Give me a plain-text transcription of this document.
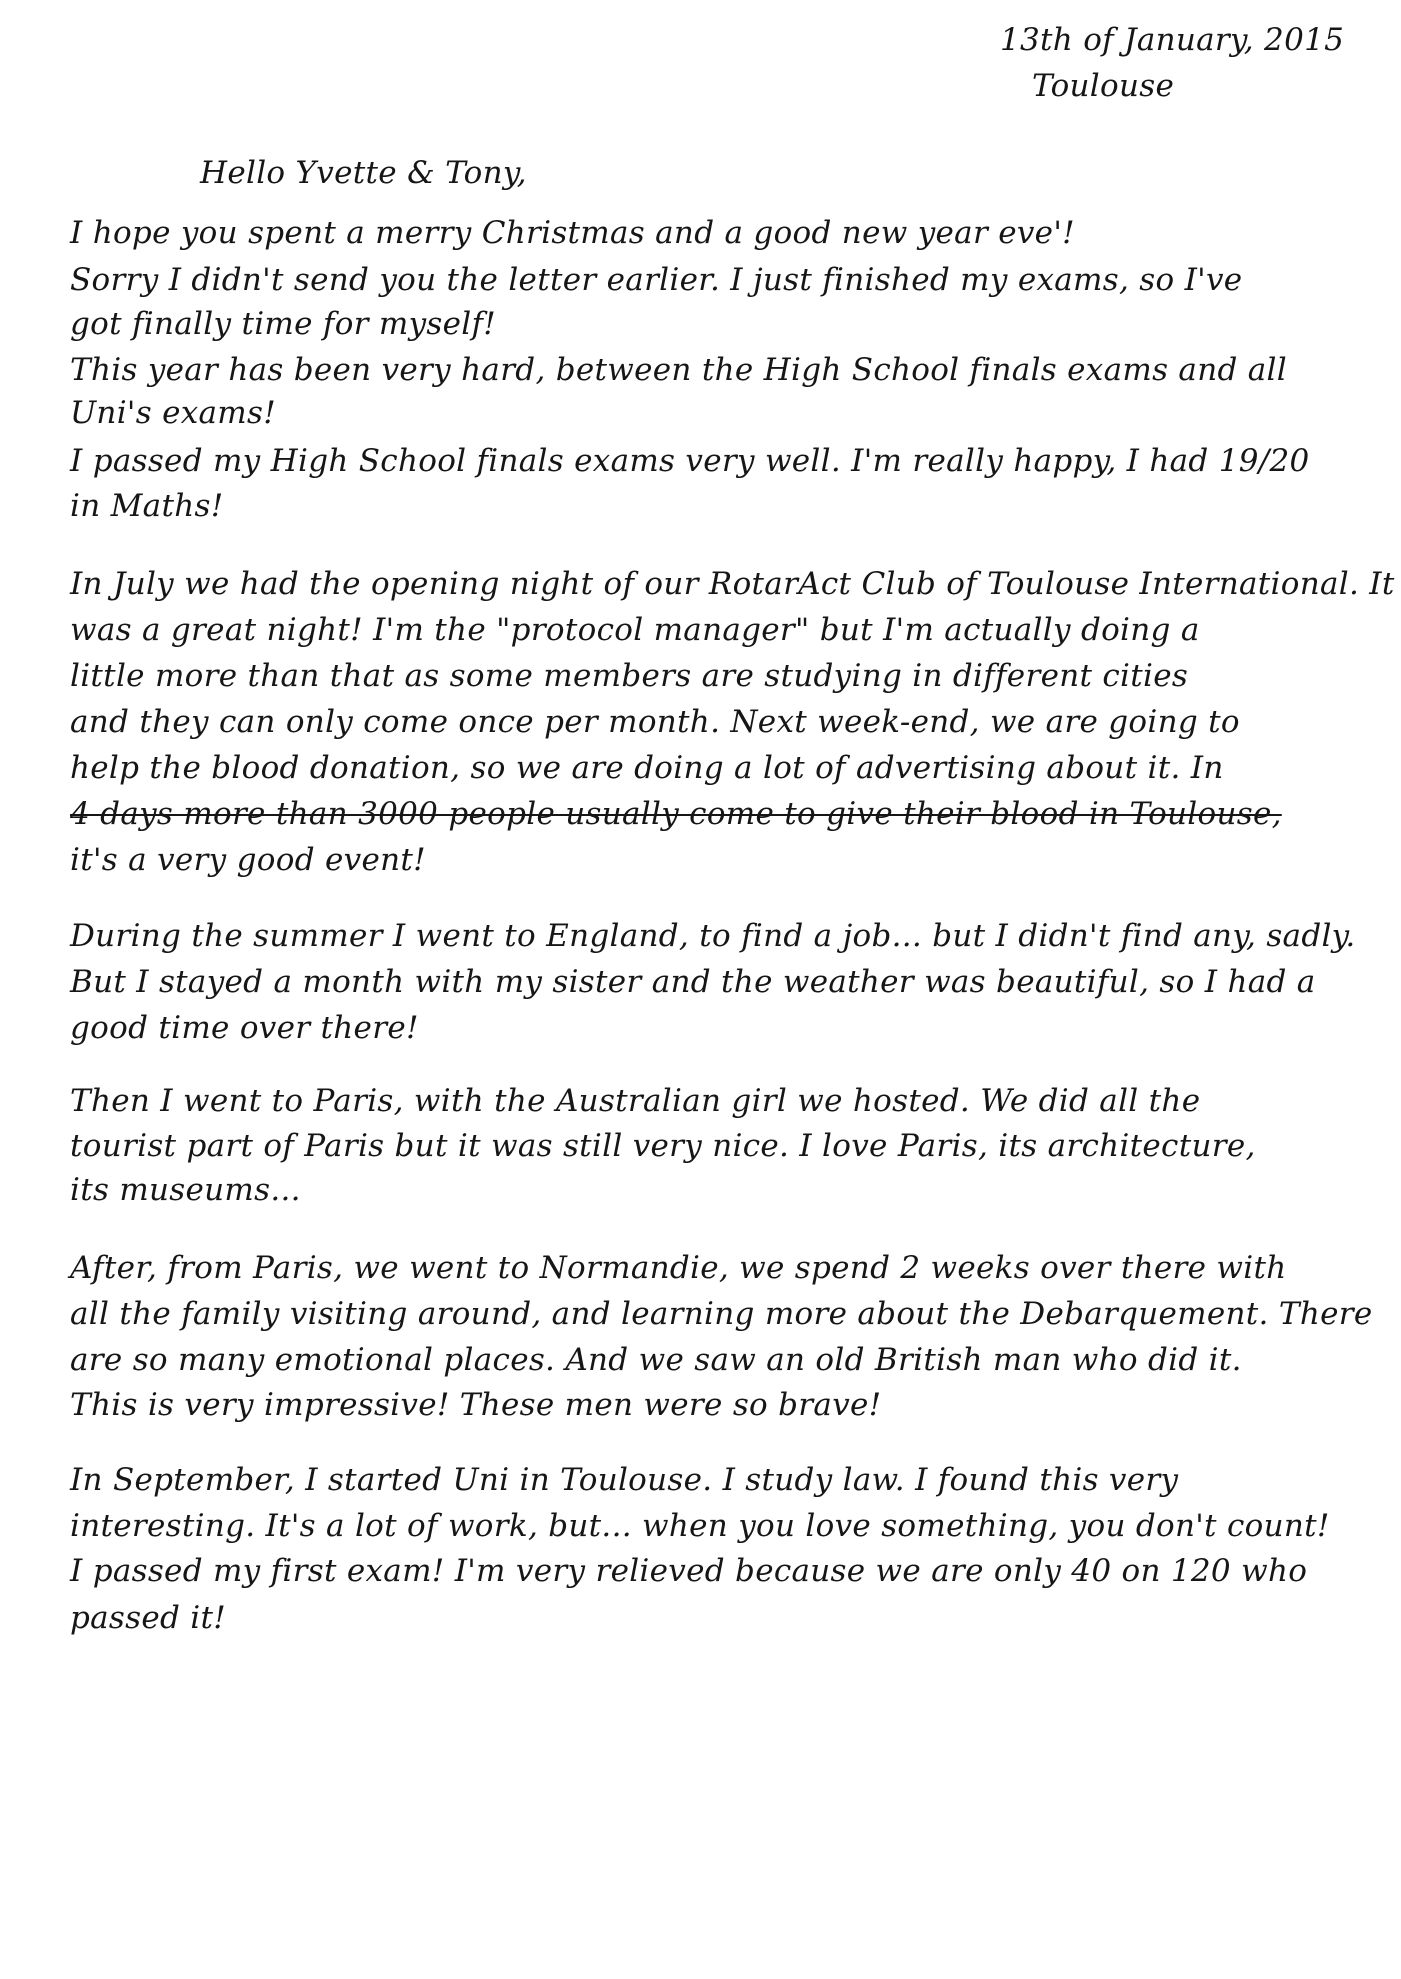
13th of January, 2015
Toulouse
Hello Yvette & Tony,
I hope you spent a merry Christmas and a good new year eve'!
Sorry I didn't send you the letter earlier. I just finished my exams, so I've
got finally time for myself!
This year has been very hard, between the High School finals exams and all
Uni's exams!
I passed my High School finals exams very well. I'm really happy, I had 19/20
in Maths!
In July we had the opening night of our RotarAct Club of Toulouse International. It
was a great night! I'm the "protocol manager" but I'm actually doing a
little more than that as some members are studying in different cities
and they can only come once per month. Next week-end, we are going to
help the blood donation, so we are doing a lot of advertising about it. In
4 days more than 3000 people usually come to give their blood in Toulouse,
it's a very good event!
During the summer I went to England, to find a job... but I didn't find any, sadly.
But I stayed a month with my sister and the weather was beautiful, so I had a
good time over there!
Then I went to Paris, with the Australian girl we hosted. We did all the
tourist part of Paris but it was still very nice. I love Paris, its architecture,
its museums...
After, from Paris, we went to Normandie, we spend 2 weeks over there with
all the family visiting around, and learning more about the Debarquement. There
are so many emotional places. And we saw an old British man who did it.
This is very impressive! These men were so brave!
In September, I started Uni in Toulouse. I study law. I found this very
interesting. It's a lot of work, but... when you love something, you don't count!
I passed my first exam! I'm very relieved because we are only 40 on 120 who
passed it!
